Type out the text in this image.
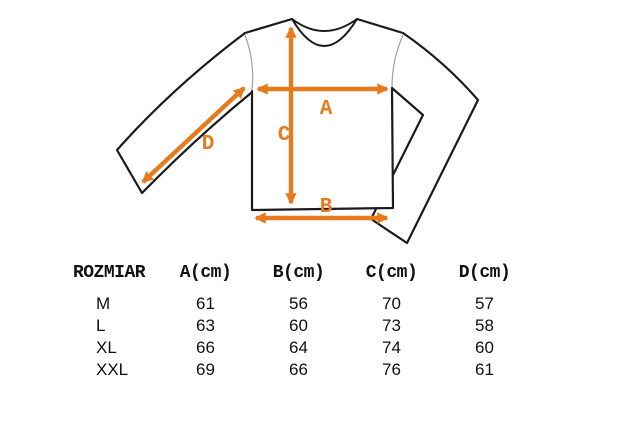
A
C
B
D
ROZMIAR	A(cm)	B(cm)	C(cm)	D(cm)
M	61	56	70	57
L	63	60	73	58
XL	66	64	74	60
XXL	69	66	76	61
